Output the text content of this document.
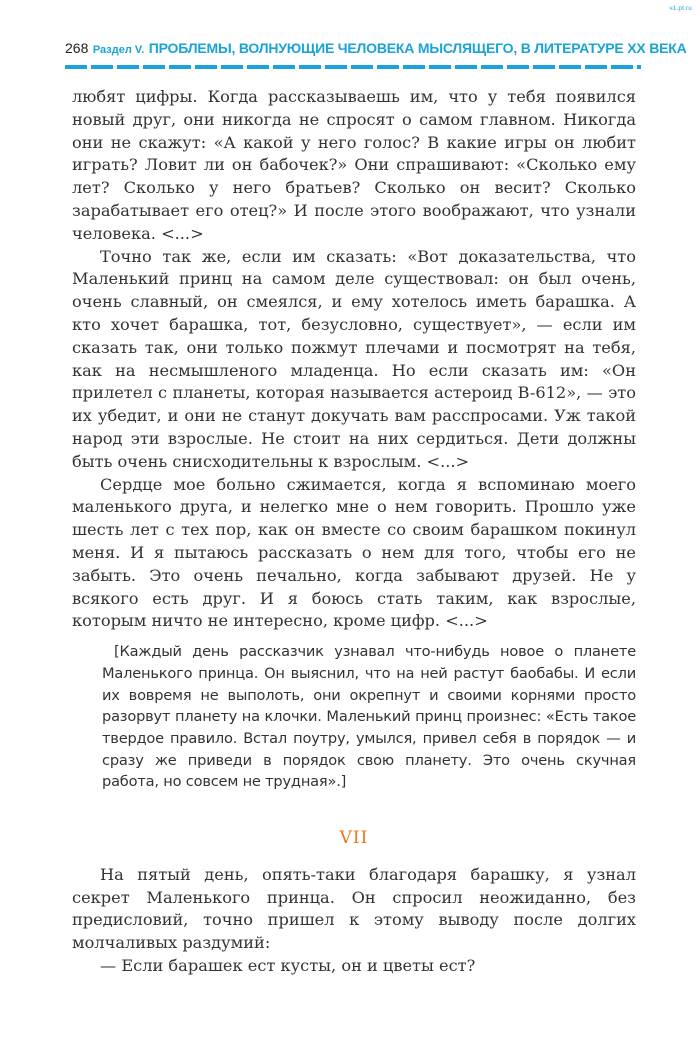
ч1.pt.ru
268 Раздел V. ПРОБЛЕМЫ, ВОЛНУЮЩИЕ ЧЕЛОВЕКА МЫСЛЯЩЕГО, В ЛИТЕРАТУРЕ XX ВЕКА

любят цифры. Когда рассказываешь им, что у тебя появился новый друг, они никогда не спросят о самом главном. Никогда они не скажут: «А какой у него голос? В какие игры он любит играть? Ловит ли он бабочек?» Они спрашивают: «Сколько ему лет? Сколько у него братьев? Сколько он весит? Сколько зарабатывает его отец?» И после этого воображают, что узнали человека. <...>

Точно так же, если им сказать: «Вот доказательства, что Маленький принц на самом деле существовал: он был очень, очень славный, он смеялся, и ему хотелось иметь барашка. А кто хочет барашка, тот, безусловно, существует», — если им сказать так, они только пожмут плечами и посмотрят на тебя, как на несмышленого младенца. Но если сказать им: «Он прилетел с планеты, которая называется астероид B-612», — это их убедит, и они не станут докучать вам расспросами. Уж такой народ эти взрослые. Не стоит на них сердиться. Дети должны быть очень снисходительны к взрослым. <...>

Сердце мое больно сжимается, когда я вспоминаю моего маленького друга, и нелегко мне о нем говорить. Прошло уже шесть лет с тех пор, как он вместе со своим барашком покинул меня. И я пытаюсь рассказать о нем для того, чтобы его не забыть. Это очень печально, когда забывают друзей. Не у всякого есть друг. И я боюсь стать таким, как взрослые, которым ничто не интересно, кроме цифр. <...>

[Каждый день рассказчик узнавал что-нибудь новое о планете Маленького принца. Он выяснил, что на ней растут баобабы. И если их вовремя не выполоть, они окрепнут и своими корнями просто разорвут планету на клочки. Маленький принц произнес: «Есть такое твердое правило. Встал поутру, умылся, привел себя в порядок — и сразу же приведи в порядок свою планету. Это очень скучная работа, но совсем не трудная».]

VII

На пятый день, опять-таки благодаря барашку, я узнал секрет Маленького принца. Он спросил неожиданно, без предисловий, точно пришел к этому выводу после долгих молчаливых раздумий:

— Если барашек ест кусты, он и цветы ест?
